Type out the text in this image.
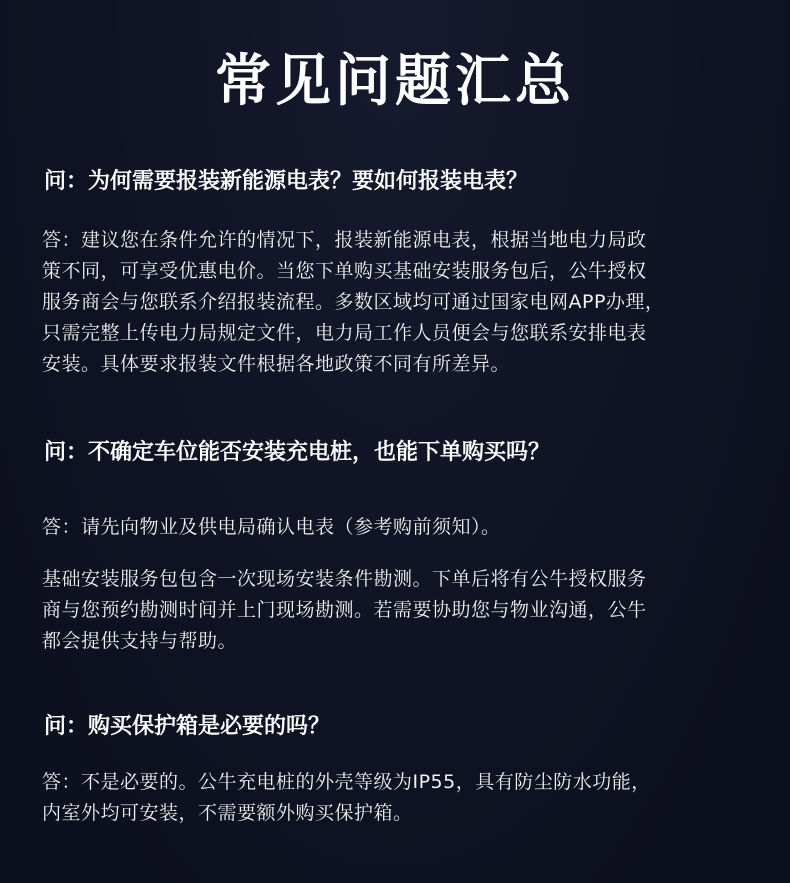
常见问题汇总
问：为何需要报装新能源电表？要如何报装电表？
答：建议您在条件允许的情况下，报装新能源电表，根据当地电力局政
策不同，可享受优惠电价。当您下单购买基础安装服务包后，公牛授权
服务商会与您联系介绍报装流程。多数区域均可通过国家电网APP办理，
只需完整上传电力局规定文件，电力局工作人员便会与您联系安排电表
安装。具体要求报装文件根据各地政策不同有所差异。
问：不确定车位能否安装充电桩，也能下单购买吗？
答：请先向物业及供电局确认电表（参考购前须知）。
基础安装服务包包含一次现场安装条件勘测。下单后将有公牛授权服务
商与您预约勘测时间并上门现场勘测。若需要协助您与物业沟通，公牛
都会提供支持与帮助。
问：购买保护箱是必要的吗？
答：不是必要的。公牛充电桩的外壳等级为IP55，具有防尘防水功能，
内室外均可安装，不需要额外购买保护箱。
